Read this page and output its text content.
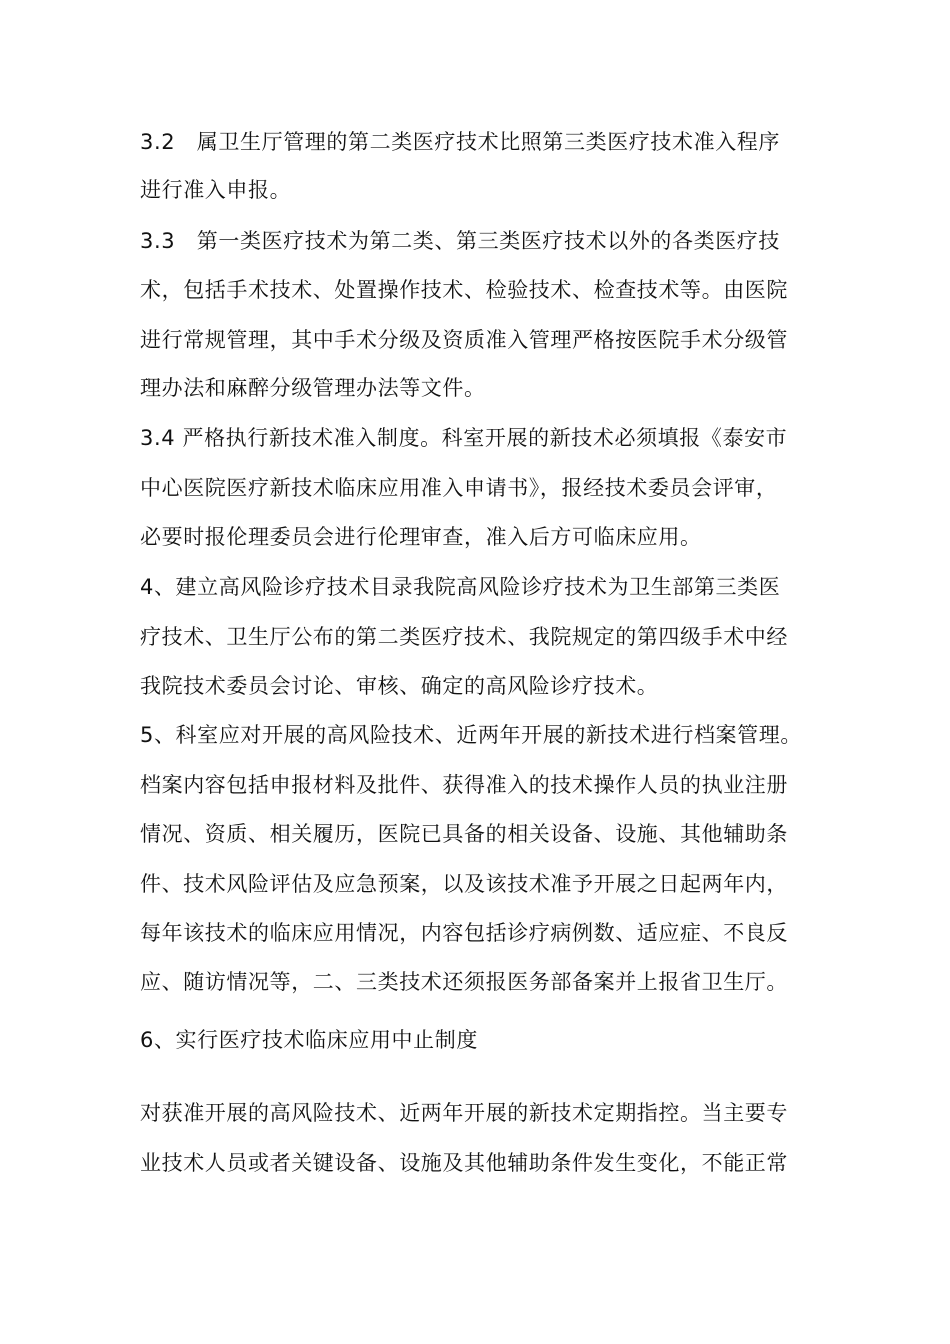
3.2　属卫生厅管理的第二类医疗技术比照第三类医疗技术准入程序
进行准入申报。
3.3　第一类医疗技术为第二类、第三类医疗技术以外的各类医疗技
术，包括手术技术、处置操作技术、检验技术、检查技术等。由医院
进行常规管理，其中手术分级及资质准入管理严格按医院手术分级管
理办法和麻醉分级管理办法等文件。
3.4 严格执行新技术准入制度。科室开展的新技术必须填报《泰安市
中心医院医疗新技术临床应用准入申请书》，报经技术委员会评审，
必要时报伦理委员会进行伦理审查，准入后方可临床应用。
4、建立高风险诊疗技术目录我院高风险诊疗技术为卫生部第三类医
疗技术、卫生厅公布的第二类医疗技术、我院规定的第四级手术中经
我院技术委员会讨论、审核、确定的高风险诊疗技术。
5、科室应对开展的高风险技术、近两年开展的新技术进行档案管理。
档案内容包括申报材料及批件、获得准入的技术操作人员的执业注册
情况、资质、相关履历，医院已具备的相关设备、设施、其他辅助条
件、技术风险评估及应急预案，以及该技术准予开展之日起两年内，
每年该技术的临床应用情况，内容包括诊疗病例数、适应症、不良反
应、随访情况等，二、三类技术还须报医务部备案并上报省卫生厅。
6、实行医疗技术临床应用中止制度
对获准开展的高风险技术、近两年开展的新技术定期指控。当主要专
业技术人员或者关键设备、设施及其他辅助条件发生变化，不能正常
